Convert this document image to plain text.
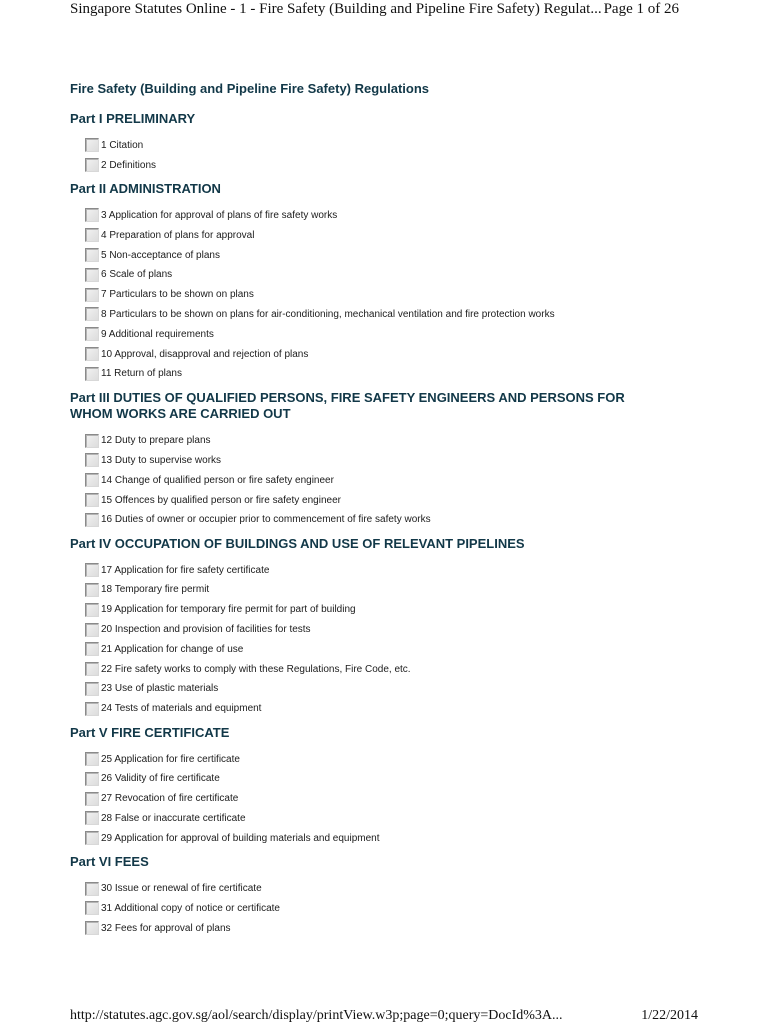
Singapore Statutes Online - 1 - Fire Safety (Building and Pipeline Fire Safety) Regulat... Page 1 of 26
Fire Safety (Building and Pipeline Fire Safety) Regulations
Part I PRELIMINARY
1 Citation
2 Definitions
Part II ADMINISTRATION
3 Application for approval of plans of fire safety works
4 Preparation of plans for approval
5 Non-acceptance of plans
6 Scale of plans
7 Particulars to be shown on plans
8 Particulars to be shown on plans for air-conditioning, mechanical ventilation and fire protection works
9 Additional requirements
10 Approval, disapproval and rejection of plans
11 Return of plans
Part III DUTIES OF QUALIFIED PERSONS, FIRE SAFETY ENGINEERS AND PERSONS FOR
WHOM WORKS ARE CARRIED OUT
12 Duty to prepare plans
13 Duty to supervise works
14 Change of qualified person or fire safety engineer
15 Offences by qualified person or fire safety engineer
16 Duties of owner or occupier prior to commencement of fire safety works
Part IV OCCUPATION OF BUILDINGS AND USE OF RELEVANT PIPELINES
17 Application for fire safety certificate
18 Temporary fire permit
19 Application for temporary fire permit for part of building
20 Inspection and provision of facilities for tests
21 Application for change of use
22 Fire safety works to comply with these Regulations, Fire Code, etc.
23 Use of plastic materials
24 Tests of materials and equipment
Part V FIRE CERTIFICATE
25 Application for fire certificate
26 Validity of fire certificate
27 Revocation of fire certificate
28 False or inaccurate certificate
29 Application for approval of building materials and equipment
Part VI FEES
30 Issue or renewal of fire certificate
31 Additional copy of notice or certificate
32 Fees for approval of plans
http://statutes.agc.gov.sg/aol/search/display/printView.w3p;page=0;query=DocId%3A...	1/22/2014
